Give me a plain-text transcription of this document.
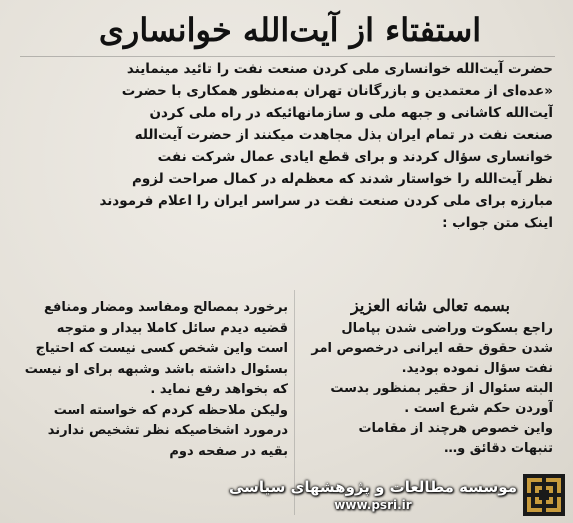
استفتاء از آیت‌الله خوانساری
حضرت آیت‌الله خوانساری ملی کردن صنعت نفت را تائید مینمایند
«عده‌ای از معتمدین و بازرگانان تهران به‌منظور همکاری با حضرت
آیت‌الله کاشانی و جبهه ملی و سازمانهائیکه در راه ملی کردن
صنعت نفت در تمام ایران بذل مجاهدت میکنند از حضرت آیت‌الله
خوانساری سؤال کردند و برای قطع ایادی عمال شرکت نفت
نظر آیت‌الله را خواستار شدند که معظم‌له در کمال صراحت لزوم
مبارزه برای ملی کردن صنعت نفت در سراسر ایران را اعلام فرمودند
اینک متن جواب :
بسمه تعالی شانه العزیز
راجع بسکوت وراضی شدن بپامال
شدن حقوق حقه ایرانی درخصوص امر
نفت سؤال نموده بودید.
البته سئوال از حقیر بمنظور بدست
آوردن حکم شرع است .
واین خصوص هرچند از مقامات
تنبهات دقائق و…
برخورد بمصالح ومفاسد ومضار ومنافع
قضیه دیدم سائل کاملا بیدار و متوجه
است واین شخص کسی نیست که احتیاج
بسئوال داشته باشد وشبهه برای او نیست
که بخواهد رفع نماید .
ولیکن ملاحظه کردم که خواسته است
درمورد اشخاصیکه نظر تشخیص ندارند
بقیه در صفحه دوم
موسسه مطالعات و پژوهشهای سیاسی
www.psri.ir
